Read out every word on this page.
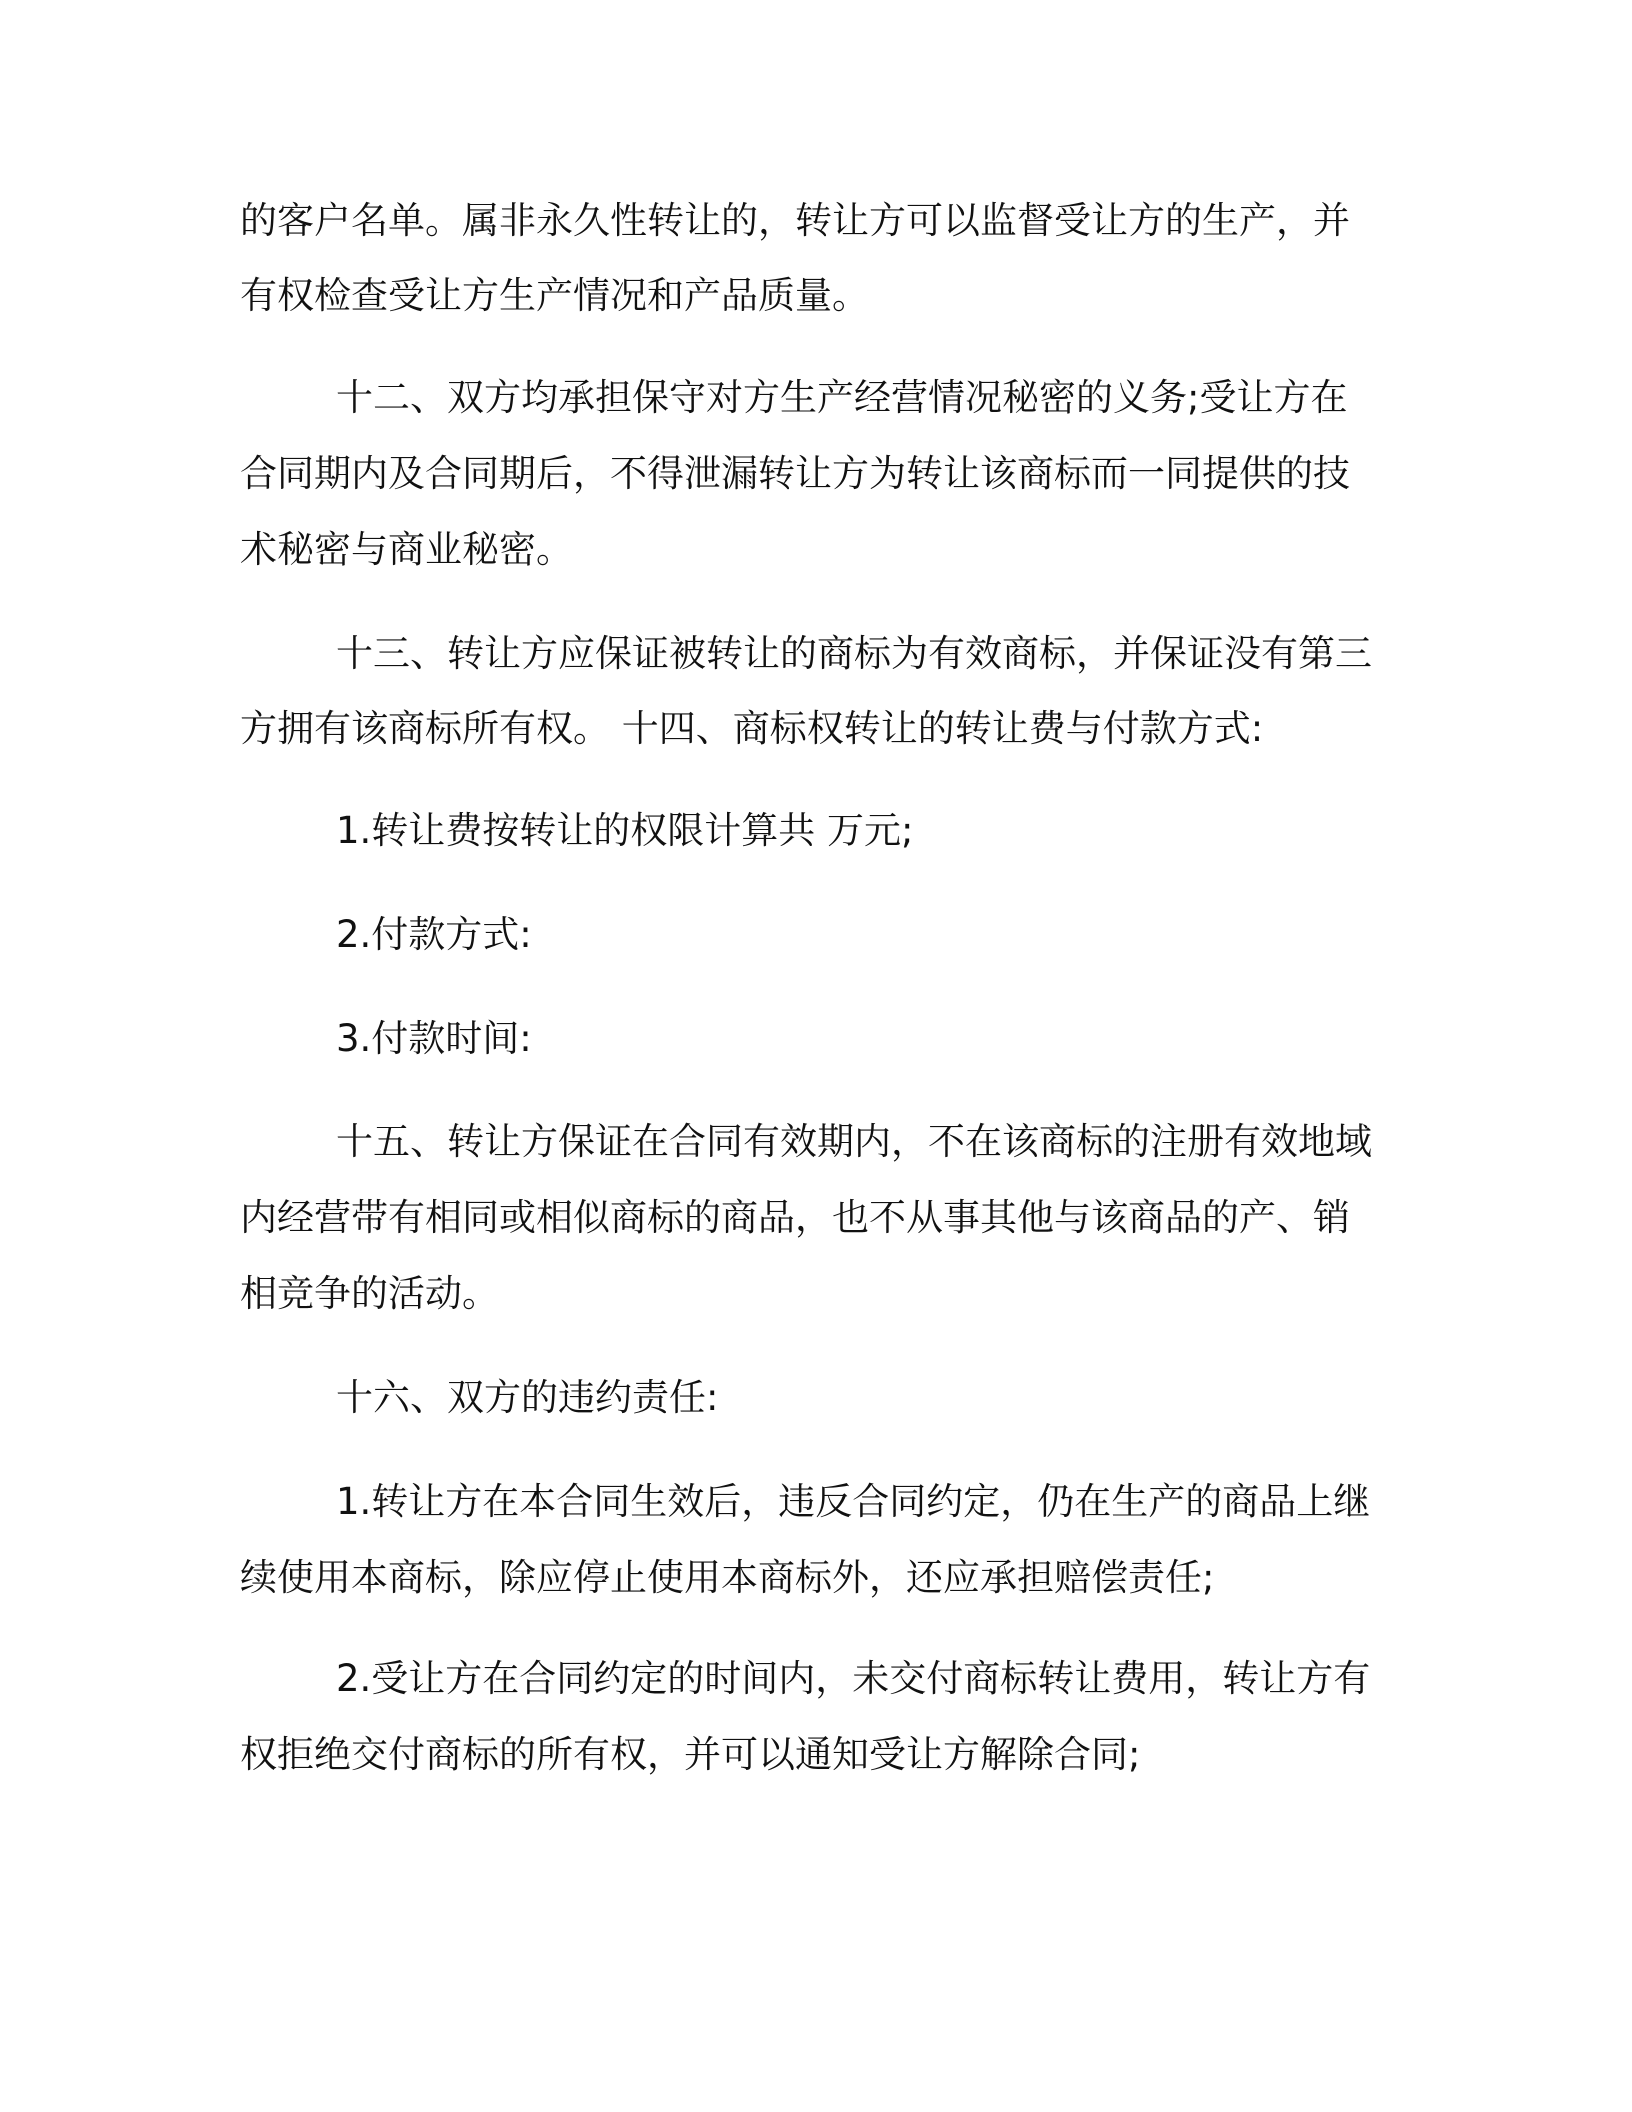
的客户名单。属非永久性转让的，转让方可以监督受让方的生产，并

有权检查受让方生产情况和产品质量。

十二、双方均承担保守对方生产经营情况秘密的义务;受让方在

合同期内及合同期后，不得泄漏转让方为转让该商标而一同提供的技

术秘密与商业秘密。

十三、转让方应保证被转让的商标为有效商标，并保证没有第三

方拥有该商标所有权。 十四、商标权转让的转让费与付款方式:

1.转让费按转让的权限计算共 万元;

2.付款方式:

3.付款时间:

十五、转让方保证在合同有效期内，不在该商标的注册有效地域

内经营带有相同或相似商标的商品，也不从事其他与该商品的产、销

相竞争的活动。

十六、双方的违约责任:

1.转让方在本合同生效后，违反合同约定，仍在生产的商品上继

续使用本商标，除应停止使用本商标外，还应承担赔偿责任;

2.受让方在合同约定的时间内，未交付商标转让费用，转让方有

权拒绝交付商标的所有权，并可以通知受让方解除合同;
